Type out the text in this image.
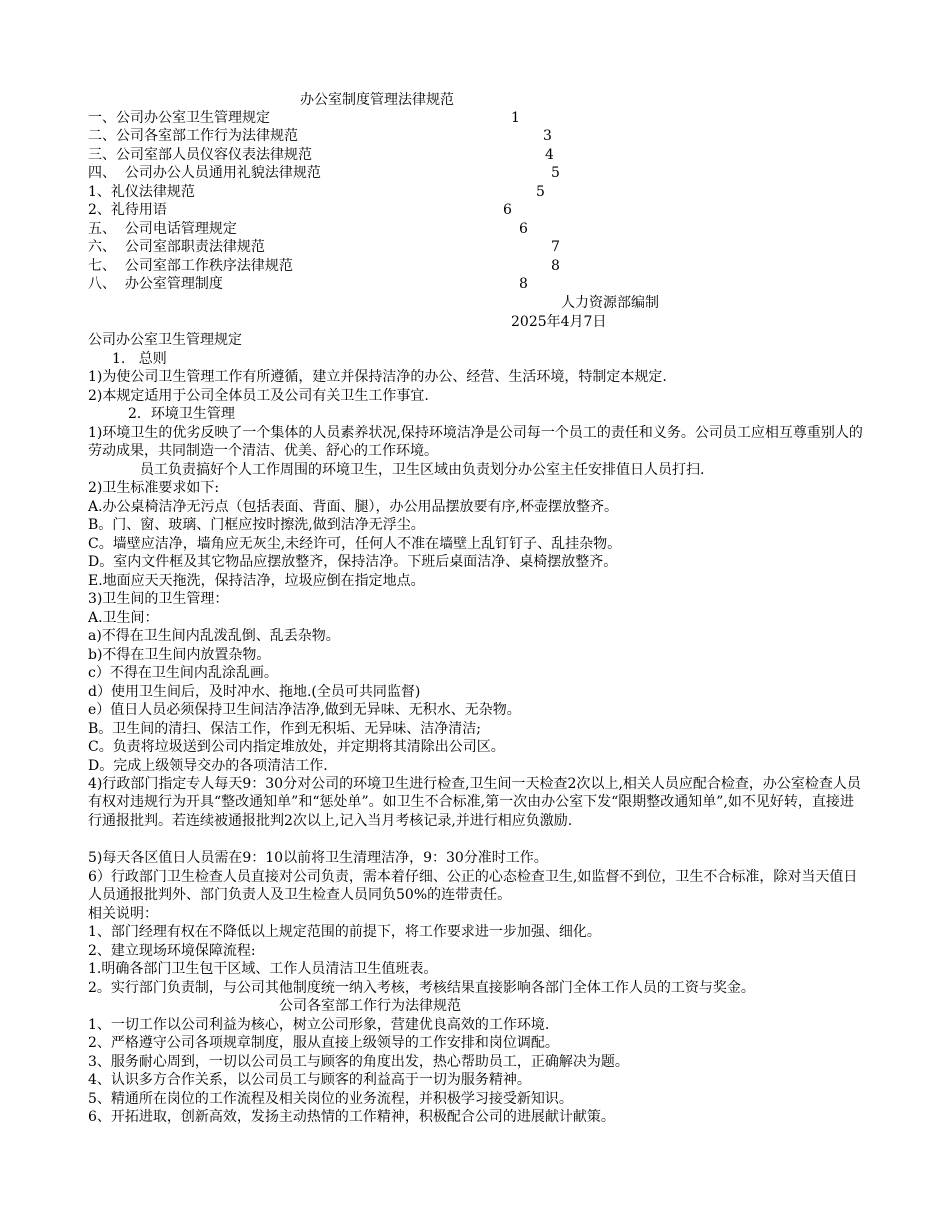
办公室制度管理法律规范
一、公司办公室卫生管理规定	1
二、公司各室部工作行为法律规范	3
三、公司室部人员仪容仪表法律规范	4
四、  公司办公人员通用礼貌法律规范	5
1、礼仪法律规范	5
2、礼待用语	6
五、  公司电话管理规定	6
六、  公司室部职责法律规范	7
七、  公司室部工作秩序法律规范	8
八、  办公室管理制度	8
人力资源部编制
2025年4月7日
公司办公室卫生管理规定
1.   总则
1)为使公司卫生管理工作有所遵循，建立并保持洁净的办公、经营、生活环境，特制定本规定.
2)本规定适用于公司全体员工及公司有关卫生工作事宜.
2．环境卫生管理
1)环境卫生的优劣反映了一个集体的人员素养状况,保持环境洁净是公司每一个员工的责任和义务。公司员工应相互尊重别人的劳动成果，共同制造一个清洁、优美、舒心的工作环境。
员工负责搞好个人工作周围的环境卫生，卫生区域由负责划分办公室主任安排值日人员打扫.
2)卫生标准要求如下:
A.办公桌椅洁净无污点（包括表面、背面、腿），办公用品摆放要有序,杯壶摆放整齐。
B。门、窗、玻璃、门框应按时擦洗,做到洁净无浮尘。
C。墙壁应洁净，墙角应无灰尘,未经许可，任何人不准在墙壁上乱钉钉子、乱挂杂物。
D。室内文件框及其它物品应摆放整齐，保持洁净。下班后桌面洁净、桌椅摆放整齐。
E.地面应天天拖洗，保持洁净，垃圾应倒在指定地点。
3)卫生间的卫生管理：
A.卫生间：
a)不得在卫生间内乱泼乱倒、乱丢杂物。
b)不得在卫生间内放置杂物。
c）不得在卫生间内乱涂乱画。
d）使用卫生间后，及时冲水、拖地.(全员可共同监督)
e）值日人员必须保持卫生间洁净洁净,做到无异味、无积水、无杂物。
B。卫生间的清扫、保洁工作，作到无积垢、无异味、洁净清洁;
C。负责将垃圾送到公司内指定堆放处，并定期将其清除出公司区。
D。完成上级领导交办的各项清洁工作.
4)行政部门指定专人每天9：30分对公司的环境卫生进行检查,卫生间一天检查2次以上,相关人员应配合检查，办公室检查人员有权对违规行为开具“整改通知单”和“惩处单”。如卫生不合标准,第一次由办公室下发“限期整改通知单”,如不见好转，直接进行通报批判。若连续被通报批判2次以上,记入当月考核记录,并进行相应负激励.
5)每天各区值日人员需在9：10以前将卫生清理洁净，9：30分准时工作。
6）行政部门卫生检查人员直接对公司负责，需本着仔细、公正的心态检查卫生,如监督不到位，卫生不合标准，除对当天值日人员通报批判外、部门负责人及卫生检查人员同负50%的连带责任。
相关说明：
1、部门经理有权在不降低以上规定范围的前提下，将工作要求进一步加强、细化。
2、建立现场环境保障流程:
1.明确各部门卫生包干区域、工作人员清洁卫生值班表。
2。实行部门负责制，与公司其他制度统一纳入考核，考核结果直接影响各部门全体工作人员的工资与奖金。
公司各室部工作行为法律规范
1、一切工作以公司利益为核心，树立公司形象，营建优良高效的工作环境.
2、严格遵守公司各项规章制度，服从直接上级领导的工作安排和岗位调配。
3、服务耐心周到，一切以公司员工与顾客的角度出发，热心帮助员工，正确解决为题。
4、认识多方合作关系，以公司员工与顾客的利益高于一切为服务精神。
5、精通所在岗位的工作流程及相关岗位的业务流程，并积极学习接受新知识。
6、开拓进取，创新高效，发扬主动热情的工作精神，积极配合公司的进展献计献策。
